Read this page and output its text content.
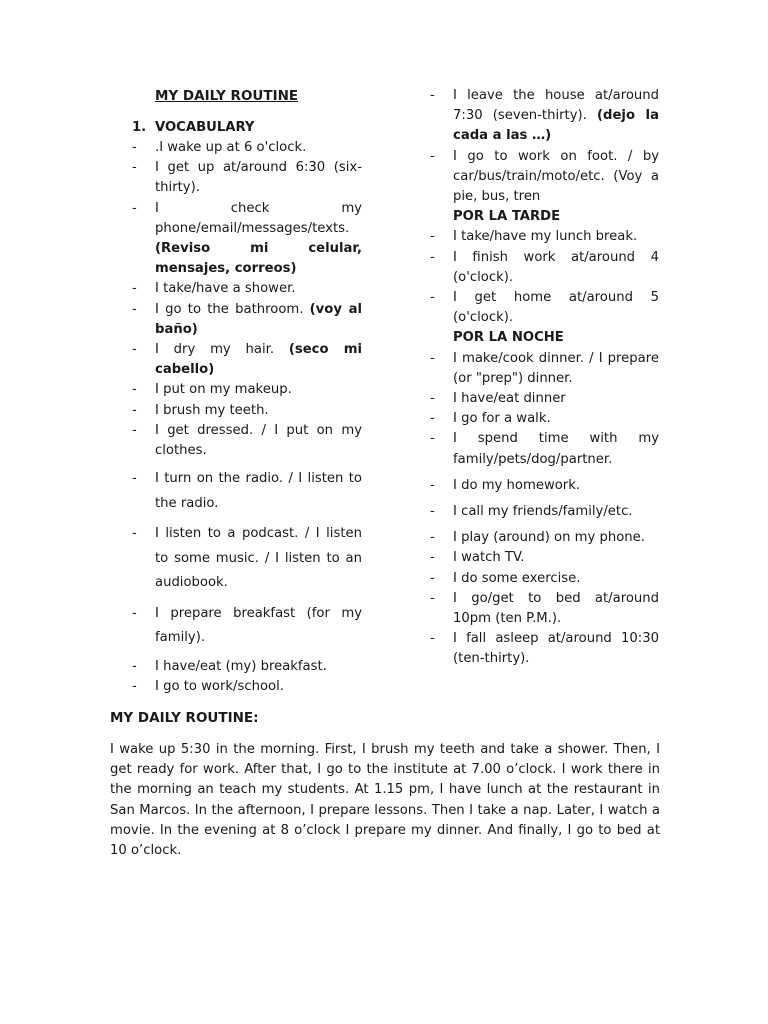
MY DAILY ROUTINE
1. VOCABULARY
-	.I wake up at 6 o'clock.
-	I get up at/around 6:30 (six-thirty).
-	I check my phone/email/messages/texts. (Reviso mi celular, mensajes, correos)
-	I take/have a shower.
-	I go to the bathroom. (voy al baño)
-	I dry my hair. (seco mi cabello)
-	I put on my makeup.
-	I brush my teeth.
-	I get dressed. / I put on my clothes.
-	I turn on the radio. / I listen to the radio.
-	I listen to a podcast. / I listen to some music. / I listen to an audiobook.
-	I prepare breakfast (for my family).
-	I have/eat (my) breakfast.
-	I go to work/school.
-	I leave the house at/around 7:30 (seven-thirty). (dejo la cada a las …)
-	I go to work on foot. / by car/bus/train/moto/etc. (Voy a pie, bus, tren
POR LA TARDE
-	I take/have my lunch break.
-	I finish work at/around 4 (o'clock).
-	I get home at/around 5 (o'clock).
POR LA NOCHE
-	I make/cook dinner. / I prepare (or "prep") dinner.
-	I have/eat dinner
-	I go for a walk.
-	I spend time with my family/pets/dog/partner.
-	I do my homework.
-	I call my friends/family/etc.
-	I play (around) on my phone.
-	I watch TV.
-	I do some exercise.
-	I go/get to bed at/around 10pm (ten P.M.).
-	I fall asleep at/around 10:30 (ten-thirty).
MY DAILY ROUTINE:

I wake up 5:30 in the morning. First, I brush my teeth and take a shower. Then, I get ready for work. After that, I go to the institute at 7.00 o’clock. I work there in the morning an teach my students. At 1.15 pm, I have lunch at the restaurant in San Marcos. In the afternoon, I prepare lessons. Then I take a nap. Later, I watch a movie. In the evening at 8 o’clock I prepare my dinner. And finally, I go to bed at 10 o’clock.
